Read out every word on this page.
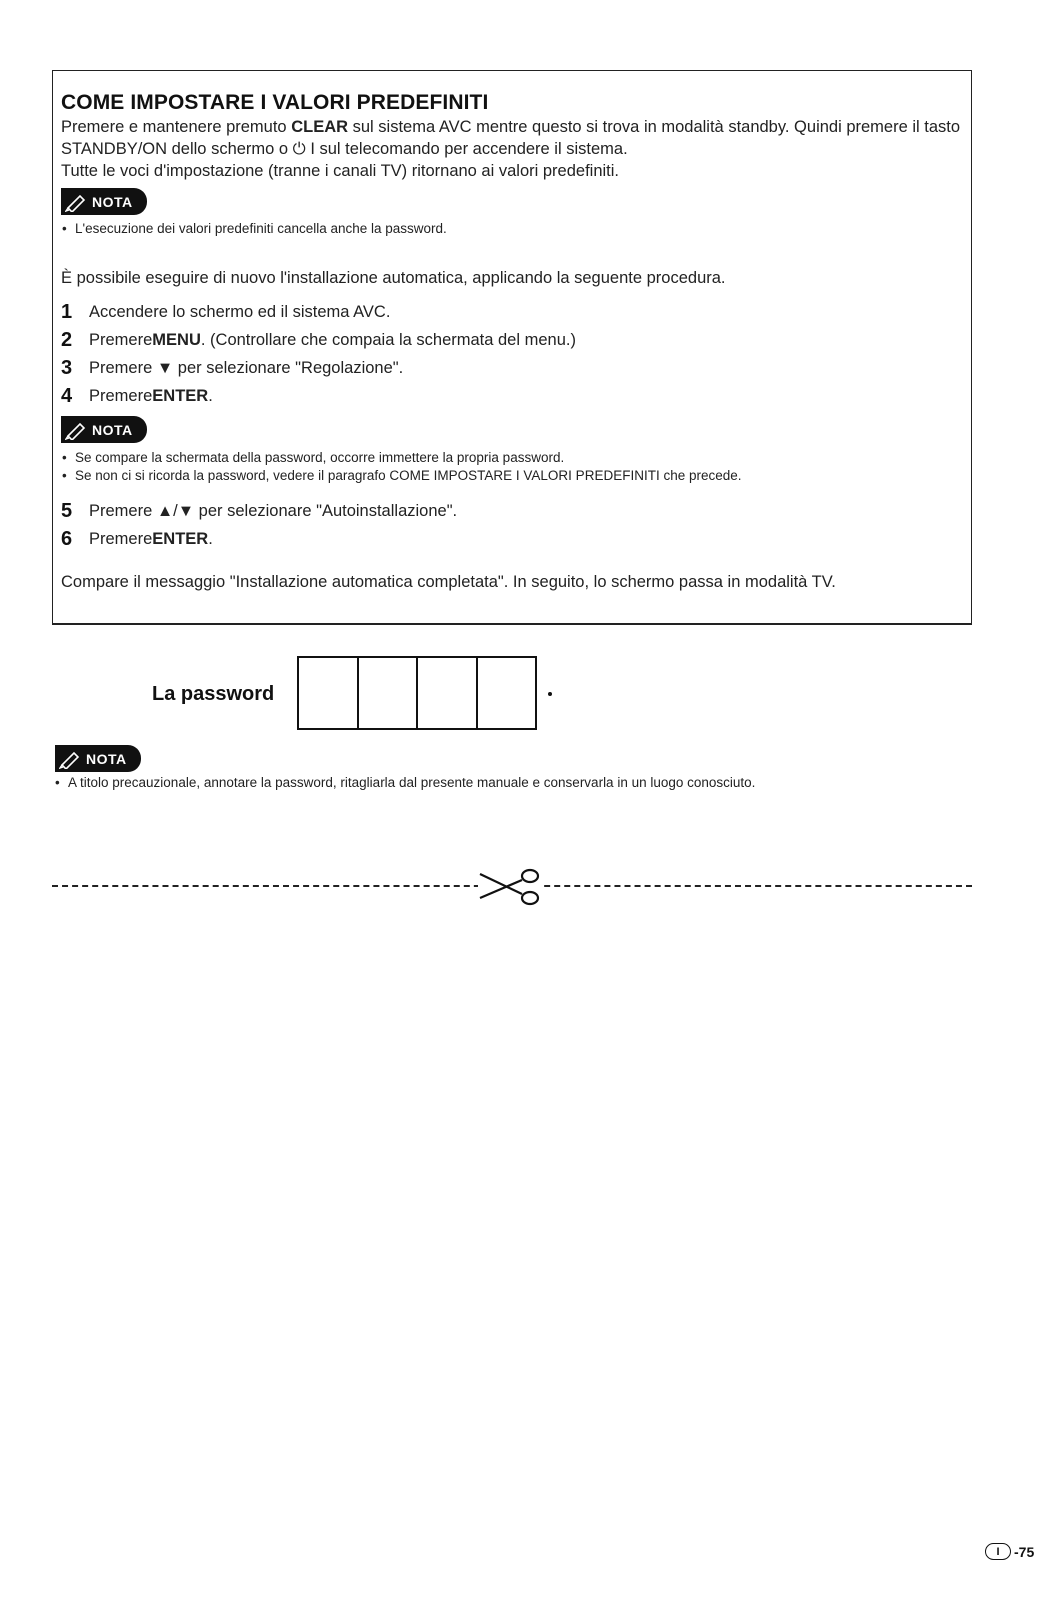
COME IMPOSTARE I VALORI PREDEFINITI

Premere e mantenere premuto CLEAR sul sistema AVC mentre questo si trova in modalità standby. Quindi premere il tasto STANDBY/ON dello schermo o ⏻ I sul telecomando per accendere il sistema.

Tutte le voci d'impostazione (tranne i canali TV) ritornano ai valori predefiniti.

NOTA
• L'esecuzione dei valori predefiniti cancella anche la password.

È possibile eseguire di nuovo l'installazione automatica, applicando la seguente procedura.

1	Accendere lo schermo ed il sistema AVC.
2	Premere MENU . (Controllare che compaia la schermata del menu.)
3	Premere ▼ per selezionare "Regolazione".
4	Premere ENTER .
NOTA
• Se compare la schermata della password, occorre immettere la propria password.
• Se non ci si ricorda la password, vedere il paragrafo COME IMPOSTARE I VALORI PREDEFINITI che precede.
5	Premere ▲/▼ per selezionare "Autoinstallazione".
6	Premere ENTER .

Compare il messaggio "Installazione automatica completata". In seguito, lo schermo passa in modalità TV.

La password
NOTA
• A titolo precauzionale, annotare la password, ritagliarla dal presente manuale e conservarla in un luogo conosciuto.
I	-75
